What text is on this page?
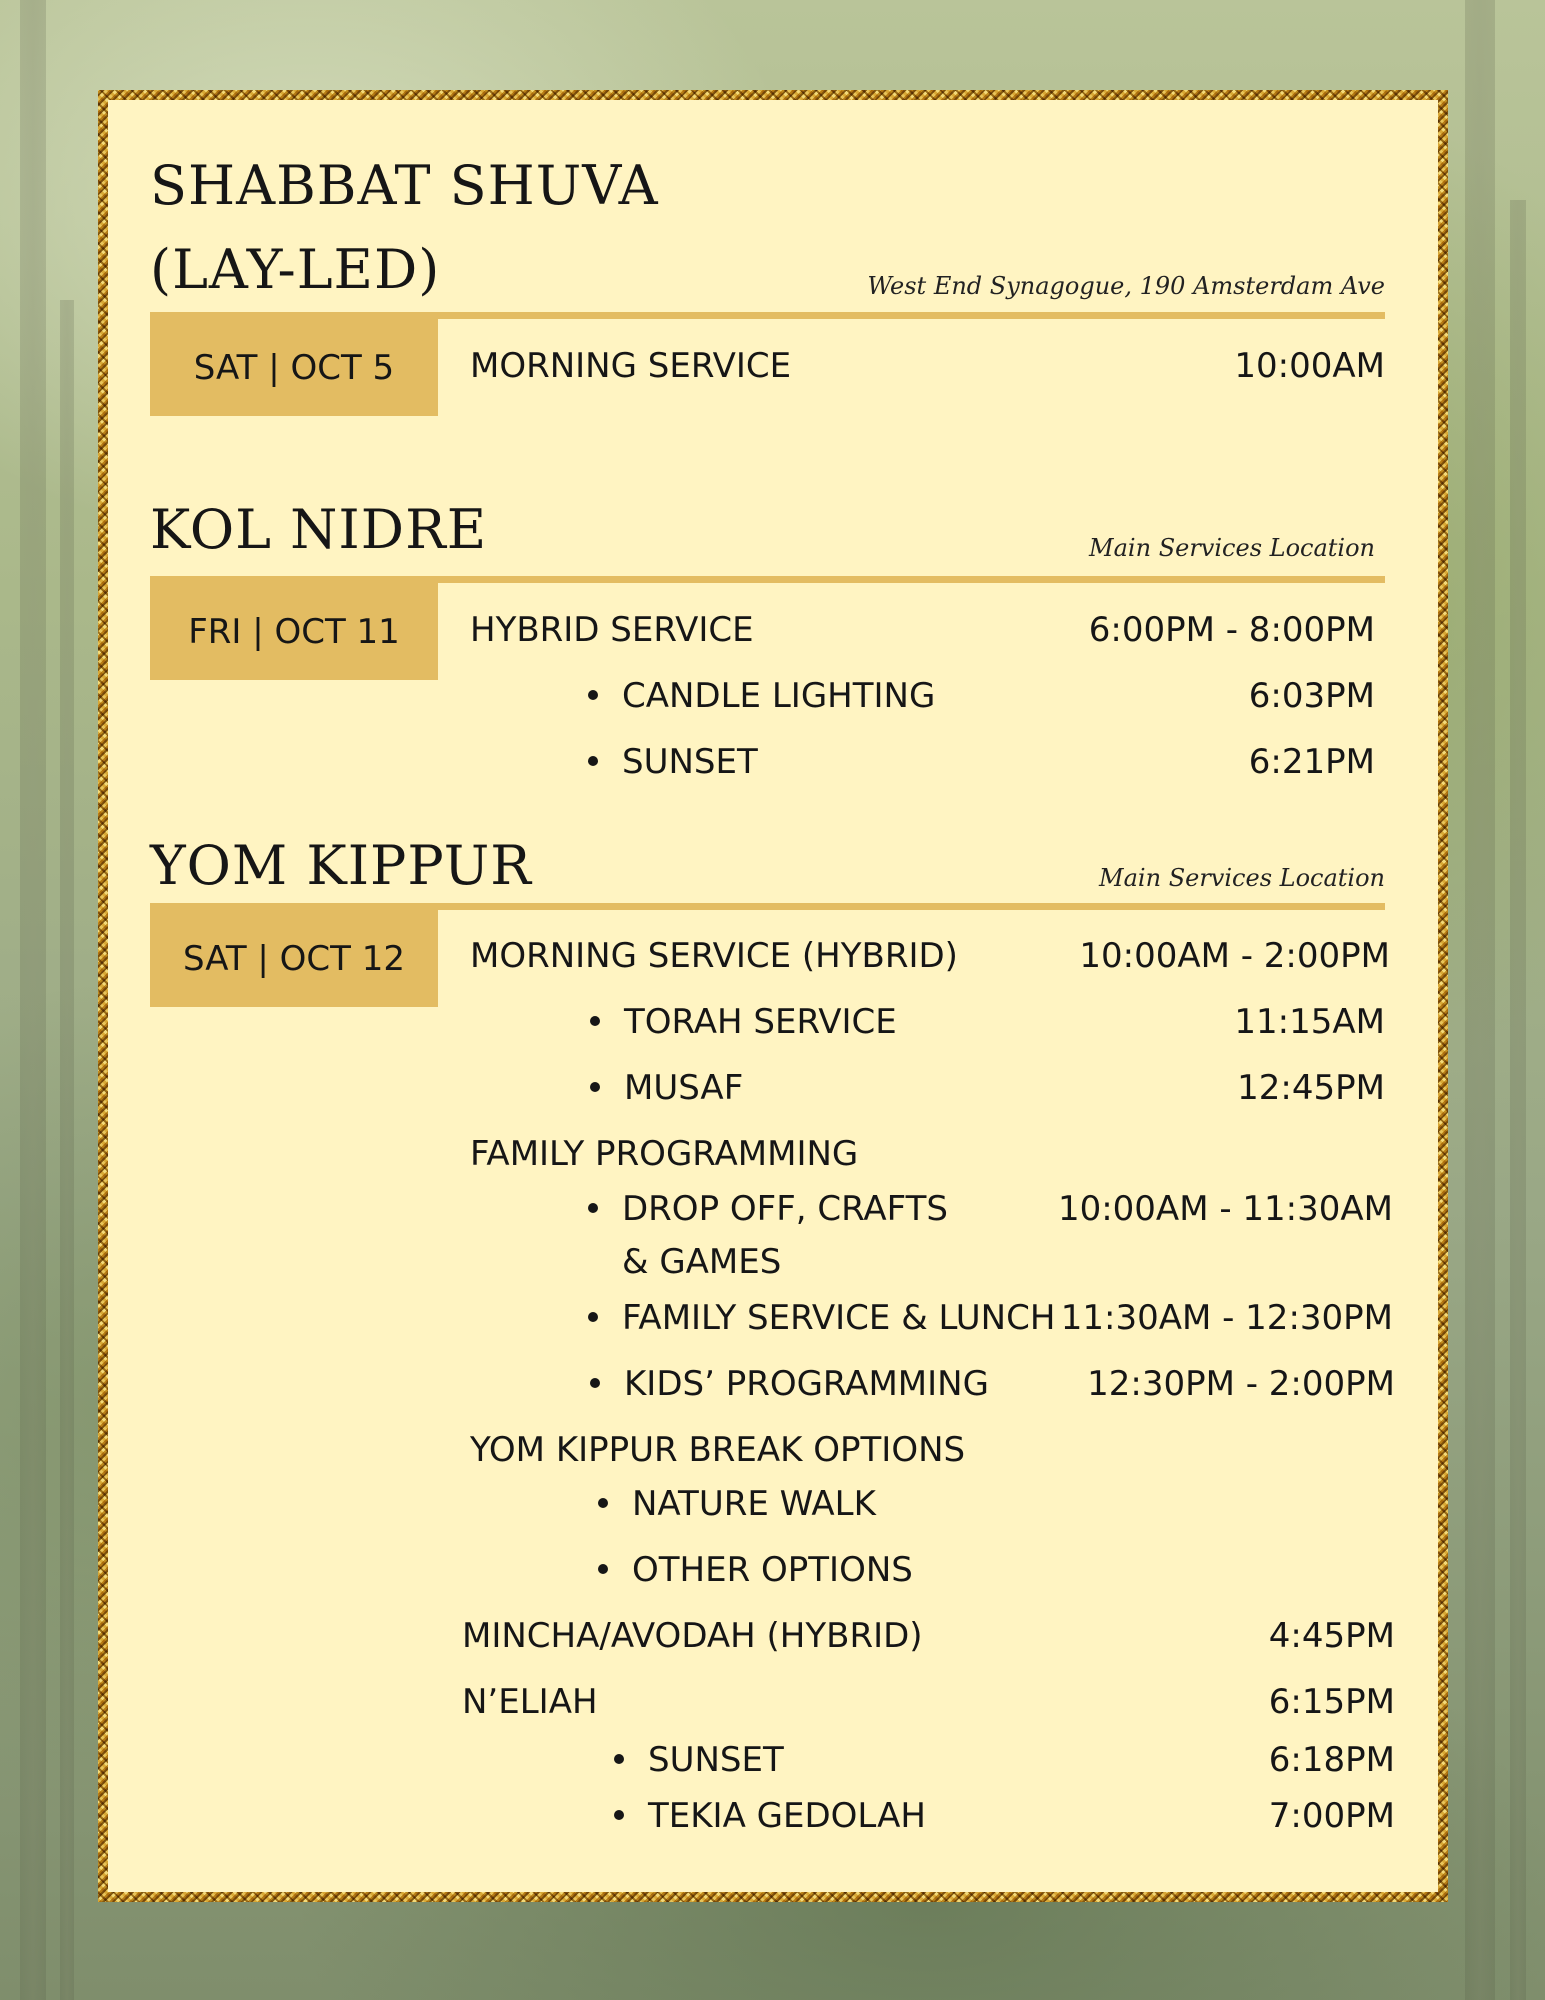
SHABBAT SHUVA
(LAY-LED)	West End Synagogue, 190 Amsterdam Ave
SAT | OCT 5	MORNING SERVICE	10:00AM
KOL NIDRE	Main Services Location
FRI | OCT 11	HYBRID SERVICE	6:00PM - 8:00PM
CANDLE LIGHTING	6:03PM
SUNSET	6:21PM
YOM KIPPUR	Main Services Location
SAT | OCT 12	MORNING SERVICE (HYBRID)	10:00AM - 2:00PM
TORAH SERVICE	11:15AM
MUSAF	12:45PM
FAMILY PROGRAMMING
DROP OFF, CRAFTS	10:00AM - 11:30AM
& GAMES
FAMILY SERVICE & LUNCH 11:30AM - 12:30PM
KIDS’ PROGRAMMING	12:30PM - 2:00PM
YOM KIPPUR BREAK OPTIONS
NATURE WALK
OTHER OPTIONS
MINCHA/AVODAH (HYBRID)	4:45PM
N’ELIAH	6:15PM
SUNSET	6:18PM
TEKIA GEDOLAH	7:00PM
